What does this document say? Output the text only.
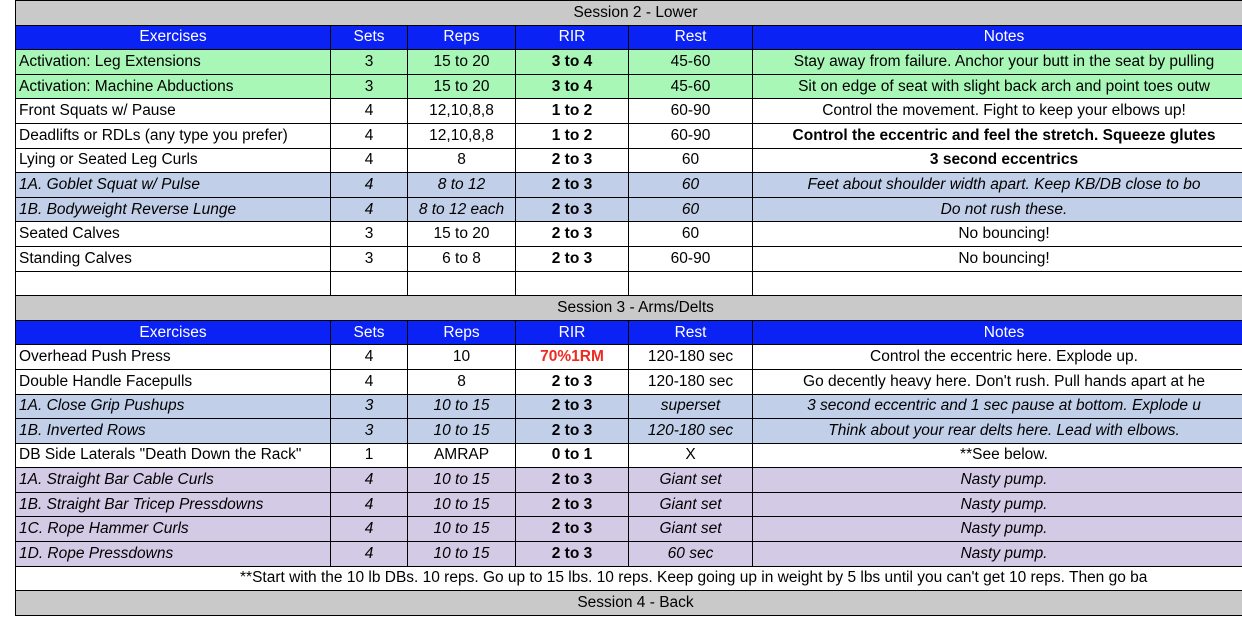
Session 2 - Lower					
Exercises	Sets	Reps	RIR	Rest	Notes
Activation: Leg Extensions	3	15 to 20	3 to 4	45-60	Stay away from failure. Anchor your butt in the seat by pulling
Activation: Machine Abductions	3	15 to 20	3 to 4	45-60	Sit on edge of seat with slight back arch and point toes outw
Front Squats w/ Pause	4	12,10,8,8	1 to 2	60-90	Control the movement. Fight to keep your elbows up!
Deadlifts or RDLs (any type you prefer)	4	12,10,8,8	1 to 2	60-90	Control the eccentric and feel the stretch. Squeeze glutes
Lying or Seated Leg Curls	4	8	2 to 3	60	3 second eccentrics
1A. Goblet Squat w/ Pulse	4	8 to 12	2 to 3	60	Feet about shoulder width apart. Keep KB/DB close to bo
1B. Bodyweight Reverse Lunge	4	8 to 12 each	2 to 3	60	Do not rush these.
Seated Calves	3	15 to 20	2 to 3	60	No bouncing!
Standing Calves	3	6 to 8	2 to 3	60-90	No bouncing!

Session 3 - Arms/Delts					
Exercises	Sets	Reps	RIR	Rest	Notes
Overhead Push Press	4	10	70%1RM	120-180 sec	Control the eccentric here. Explode up.
Double Handle Facepulls	4	8	2 to 3	120-180 sec	Go decently heavy here. Don't rush. Pull hands apart at he
1A. Close Grip Pushups	3	10 to 15	2 to 3	superset	3 second eccentric and 1 sec pause at bottom. Explode u
1B. Inverted Rows	3	10 to 15	2 to 3	120-180 sec	Think about your rear delts here. Lead with elbows.
DB Side Laterals "Death Down the Rack"	1	AMRAP	0 to 1	X	**See below.
1A. Straight Bar Cable Curls	4	10 to 15	2 to 3	Giant set	Nasty pump.
1B. Straight Bar Tricep Pressdowns	4	10 to 15	2 to 3	Giant set	Nasty pump.
1C. Rope Hammer Curls	4	10 to 15	2 to 3	Giant set	Nasty pump.
1D. Rope Pressdowns	4	10 to 15	2 to 3	60 sec	Nasty pump.
**Start with the 10 lb DBs. 10 reps. Go up to 15 lbs. 10 reps. Keep going up in weight by 5 lbs until you can't get 10 reps. Then go ba					
Session 4 - Back					
